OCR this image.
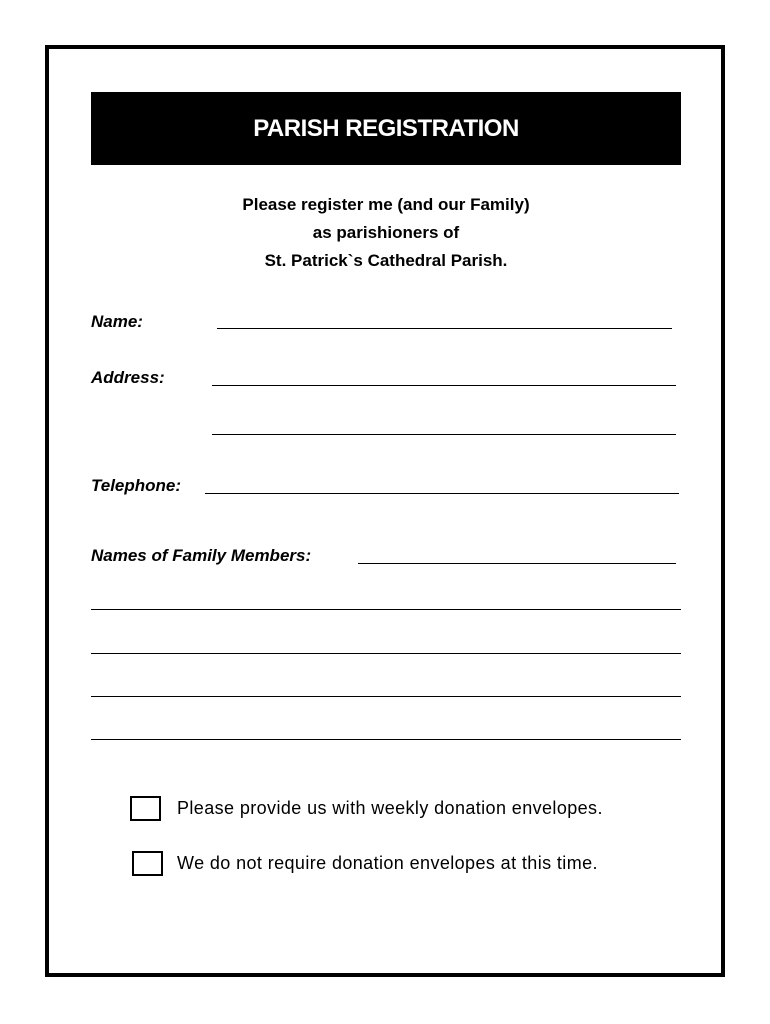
PARISH REGISTRATION
Please register me (and our Family)
as parishioners of
St. Patrick`s Cathedral Parish.
Name:
Address:
Telephone:
Names of Family Members:
Please provide us with weekly donation envelopes.
We do not require donation envelopes at this time.
